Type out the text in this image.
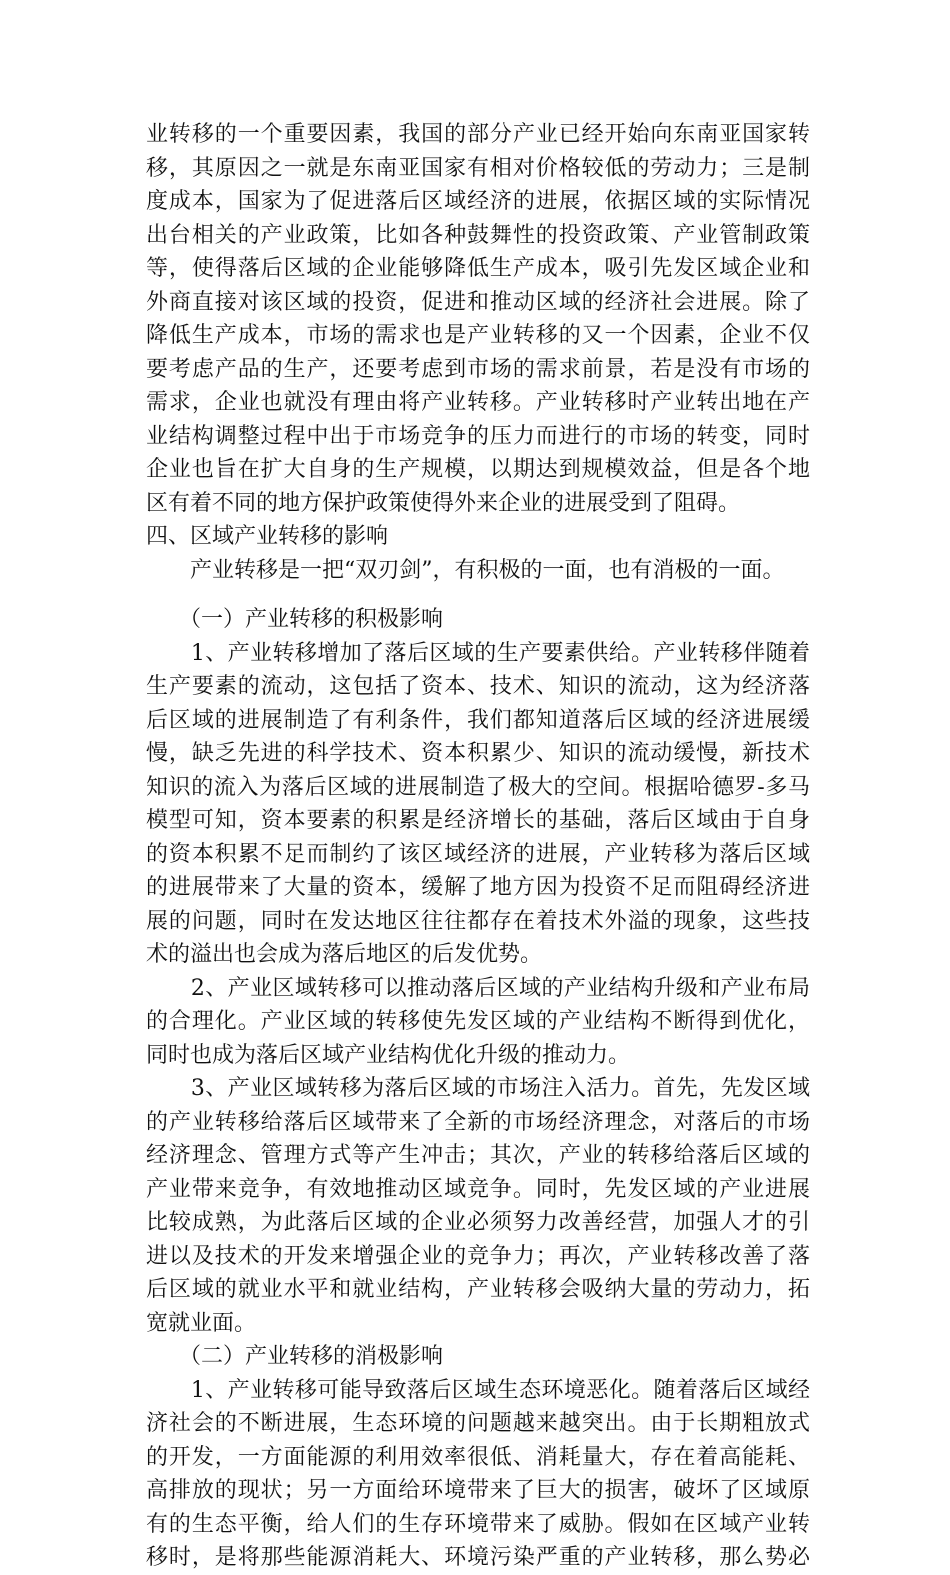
业转移的一个重要因素，我国的部分产业已经开始向东南亚国家转
移，其原因之一就是东南亚国家有相对价格较低的劳动力；三是制
度成本，国家为了促进落后区域经济的进展，依据区域的实际情况
出台相关的产业政策，比如各种鼓舞性的投资政策、产业管制政策
等，使得落后区域的企业能够降低生产成本，吸引先发区域企业和
外商直接对该区域的投资，促进和推动区域的经济社会进展。除了
降低生产成本，市场的需求也是产业转移的又一个因素，企业不仅
要考虑产品的生产，还要考虑到市场的需求前景，若是没有市场的
需求，企业也就没有理由将产业转移。产业转移时产业转出地在产
业结构调整过程中出于市场竞争的压力而进行的市场的转变，同时
企业也旨在扩大自身的生产规模，以期达到规模效益，但是各个地
区有着不同的地方保护政策使得外来企业的进展受到了阻碍。
四、区域产业转移的影响
　　产业转移是一把“双刃剑”，有积极的一面，也有消极的一面。
　　（一）产业转移的积极影响
　　1、产业转移增加了落后区域的生产要素供给。产业转移伴随着
生产要素的流动，这包括了资本、技术、知识的流动，这为经济落
后区域的进展制造了有利条件，我们都知道落后区域的经济进展缓
慢，缺乏先进的科学技术、资本积累少、知识的流动缓慢，新技术
知识的流入为落后区域的进展制造了极大的空间。根据哈德罗-多马
模型可知，资本要素的积累是经济增长的基础，落后区域由于自身
的资本积累不足而制约了该区域经济的进展，产业转移为落后区域
的进展带来了大量的资本，缓解了地方因为投资不足而阻碍经济进
展的问题，同时在发达地区往往都存在着技术外溢的现象，这些技
术的溢出也会成为落后地区的后发优势。
　　2、产业区域转移可以推动落后区域的产业结构升级和产业布局
的合理化。产业区域的转移使先发区域的产业结构不断得到优化，
同时也成为落后区域产业结构优化升级的推动力。
　　3、产业区域转移为落后区域的市场注入活力。首先，先发区域
的产业转移给落后区域带来了全新的市场经济理念，对落后的市场
经济理念、管理方式等产生冲击；其次，产业的转移给落后区域的
产业带来竞争，有效地推动区域竞争。同时，先发区域的产业进展
比较成熟，为此落后区域的企业必须努力改善经营，加强人才的引
进以及技术的开发来增强企业的竞争力；再次，产业转移改善了落
后区域的就业水平和就业结构，产业转移会吸纳大量的劳动力，拓
宽就业面。
　　（二）产业转移的消极影响
　　1、产业转移可能导致落后区域生态环境恶化。随着落后区域经
济社会的不断进展，生态环境的问题越来越突出。由于长期粗放式
的开发，一方面能源的利用效率很低、消耗量大，存在着高能耗、
高排放的现状；另一方面给环境带来了巨大的损害，破坏了区域原
有的生态平衡，给人们的生存环境带来了威胁。假如在区域产业转
移时，是将那些能源消耗大、环境污染严重的产业转移，那么势必
